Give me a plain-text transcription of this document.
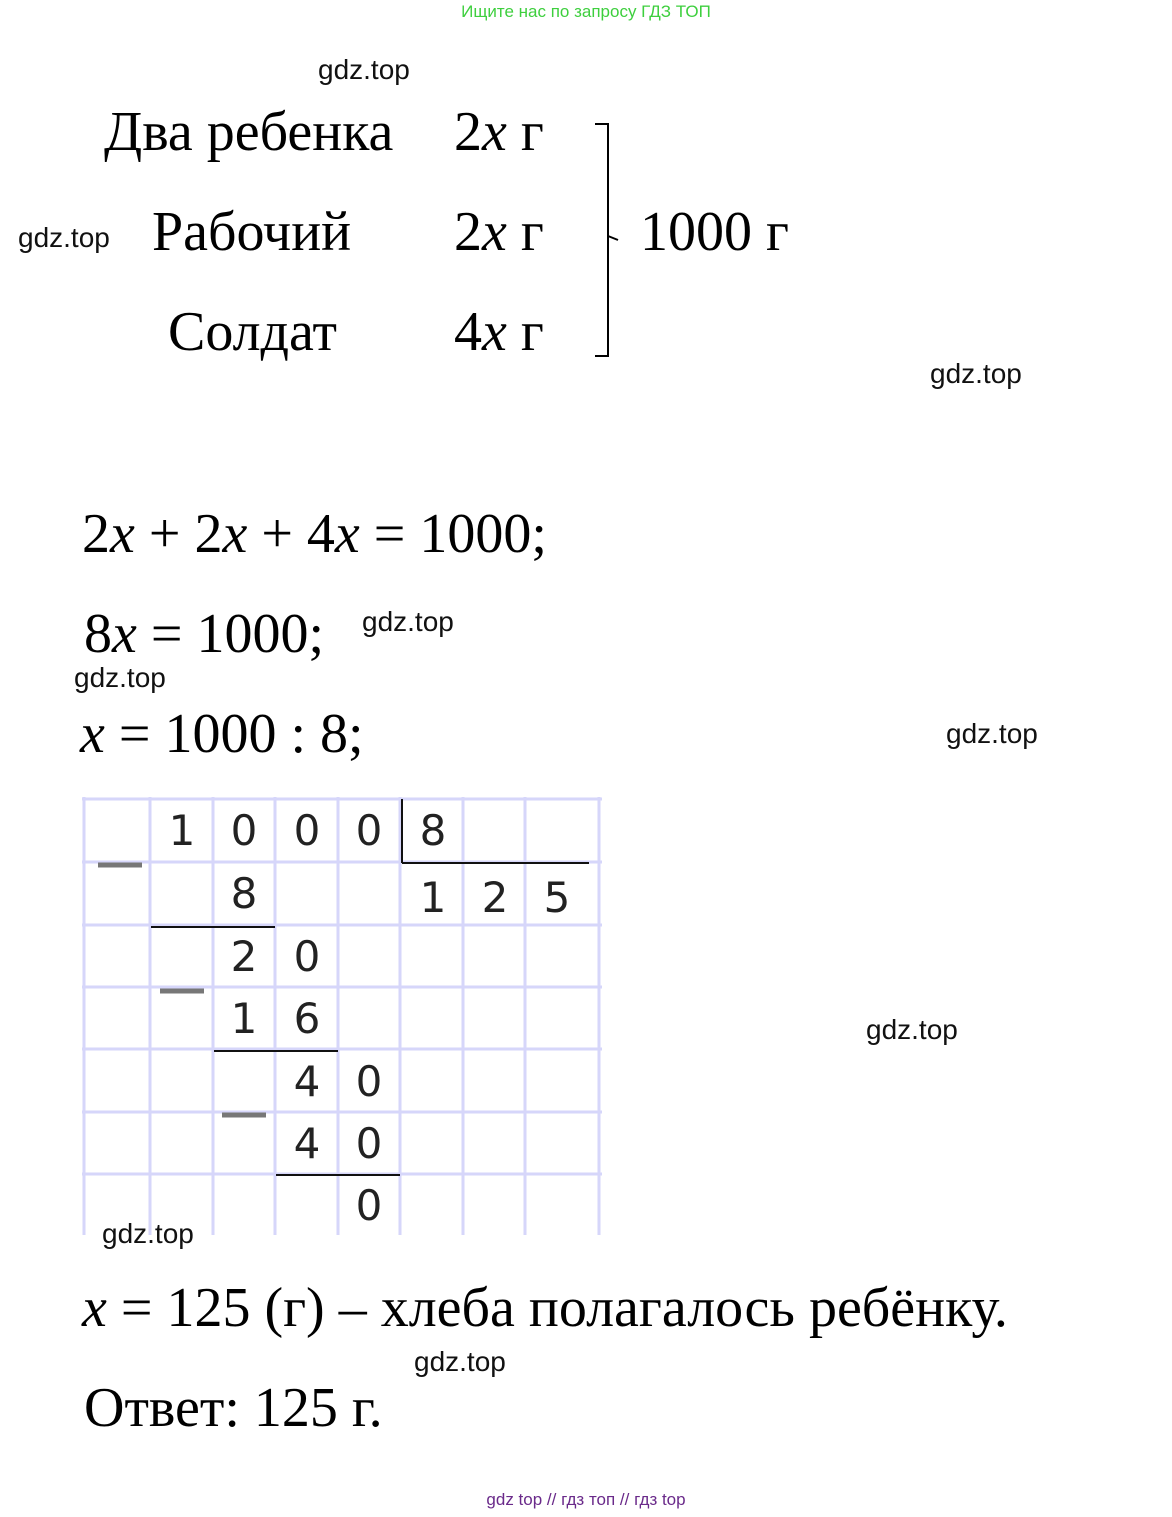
Ищите нас по запросу ГДЗ ТОП
gdz.top
gdz.top
gdz.top
gdz.top
gdz.top
gdz.top
gdz.top
gdz.top
gdz.top
Два ребенка 2x г
Рабочий 2x г
Солдат 4x г
1000 г
2x + 2x + 4x = 1000;
8x = 1000;
x = 1000 : 8;
1 0 0 0 8
8	1 2 5
2 0
1 6
4 0
4 0
0
x = 125 (г) – хлеба полагалось ребёнку.
Ответ: 125 г.
gdz top // гдз топ // гдз top
